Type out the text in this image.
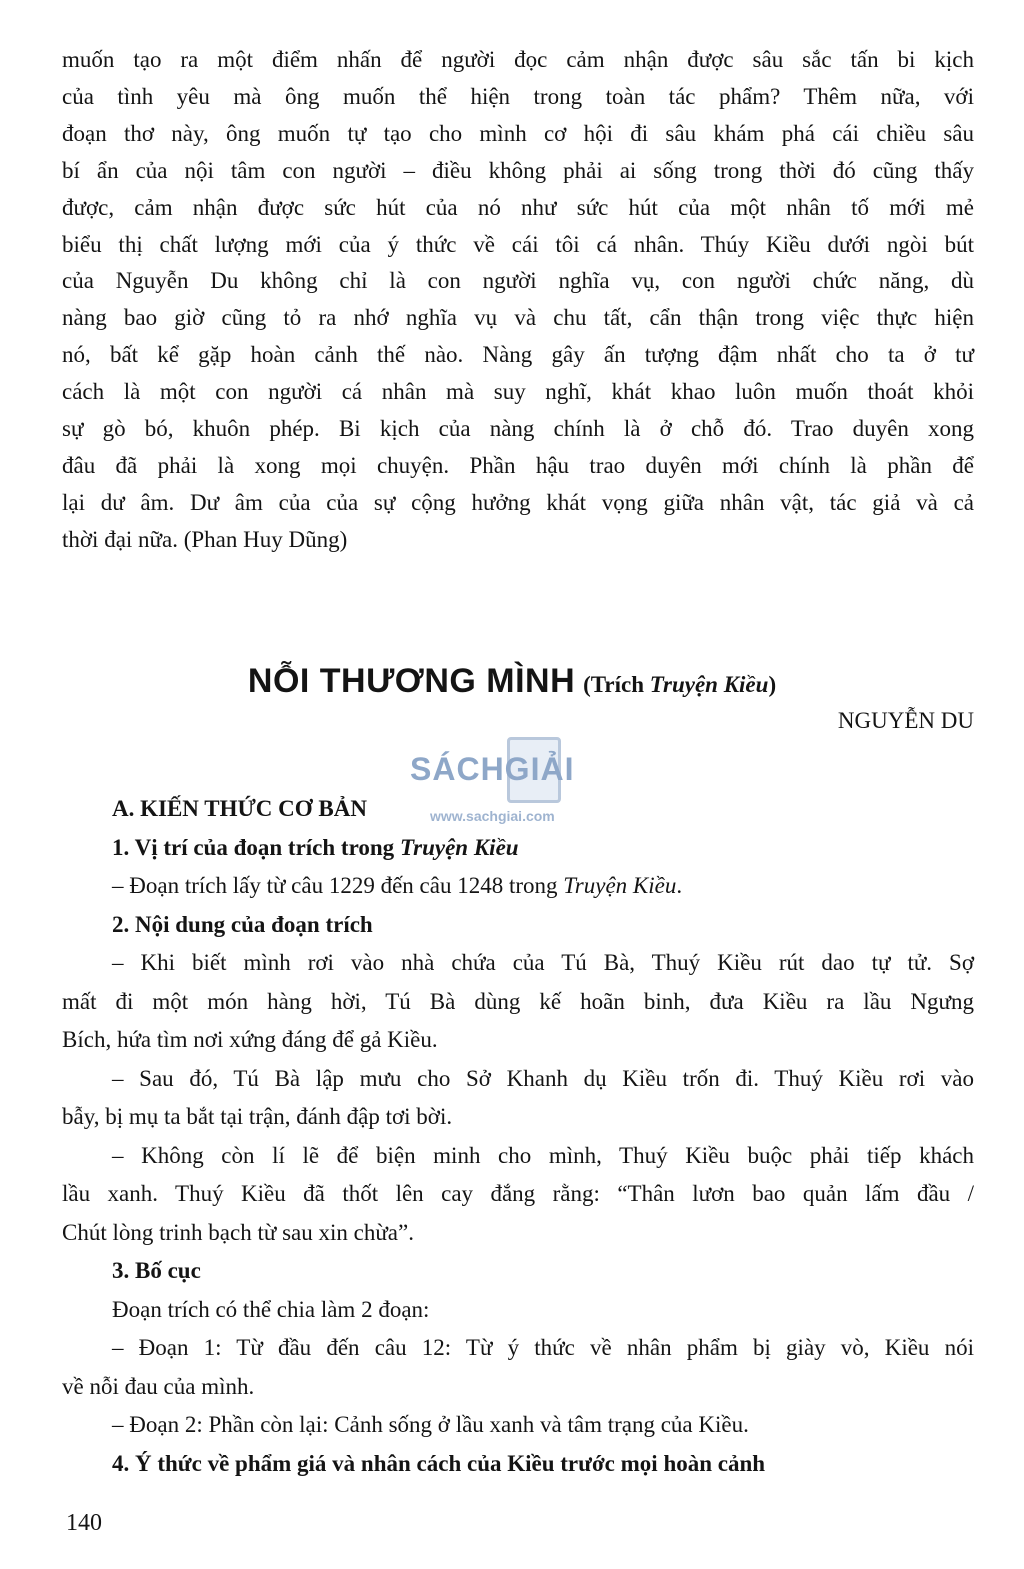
muốn tạo ra một điểm nhấn để người đọc cảm nhận được sâu sắc tấn bi kịch
của tình yêu mà ông muốn thể hiện trong toàn tác phẩm? Thêm nữa, với
đoạn thơ này, ông muốn tự tạo cho mình cơ hội đi sâu khám phá cái chiều sâu
bí ẩn của nội tâm con người – điều không phải ai sống trong thời đó cũng thấy
được, cảm nhận được sức hút của nó như sức hút của một nhân tố mới mẻ
biểu thị chất lượng mới của ý thức về cái tôi cá nhân. Thúy Kiều dưới ngòi bút
của Nguyễn Du không chỉ là con người nghĩa vụ, con người chức năng, dù
nàng bao giờ cũng tỏ ra nhớ nghĩa vụ và chu tất, cẩn thận trong việc thực hiện
nó, bất kể gặp hoàn cảnh thế nào. Nàng gây ấn tượng đậm nhất cho ta ở tư
cách là một con người cá nhân mà suy nghĩ, khát khao luôn muốn thoát khỏi
sự gò bó, khuôn phép. Bi kịch của nàng chính là ở chỗ đó. Trao duyên xong
đâu đã phải là xong mọi chuyện. Phần hậu trao duyên mới chính là phần để
lại dư âm. Dư âm của của sự cộng hưởng khát vọng giữa nhân vật, tác giả và cả
thời đại nữa. (Phan Huy Dũng)
NỖI THƯƠNG MÌNH (Trích Truyện Kiều)
NGUYỄN DU
SÁCHGIẢI
www.sachgiai.com

A. KIẾN THỨC CƠ BẢN

1. Vị trí của đoạn trích trong Truyện Kiều

– Đoạn trích lấy từ câu 1229 đến câu 1248 trong Truyện Kiều.

2. Nội dung của đoạn trích

– Khi biết mình rơi vào nhà chứa của Tú Bà, Thuý Kiều rút dao tự tử. Sợ
mất đi một món hàng hời, Tú Bà dùng kế hoãn binh, đưa Kiều ra lầu Ngưng
Bích, hứa tìm nơi xứng đáng để gả Kiều.

– Sau đó, Tú Bà lập mưu cho Sở Khanh dụ Kiều trốn đi. Thuý Kiều rơi vào
bẫy, bị mụ ta bắt tại trận, đánh đập tơi bời.

– Không còn lí lẽ để biện minh cho mình, Thuý Kiều buộc phải tiếp khách
lầu xanh. Thuý Kiều đã thốt lên cay đắng rằng: “Thân lươn bao quản lấm đầu /
Chút lòng trinh bạch từ sau xin chừa”.

3. Bố cục

Đoạn trích có thể chia làm 2 đoạn:

– Đoạn 1: Từ đầu đến câu 12: Từ ý thức về nhân phẩm bị giày vò, Kiều nói
về nỗi đau của mình.

– Đoạn 2: Phần còn lại: Cảnh sống ở lầu xanh và tâm trạng của Kiều.

4. Ý thức về phẩm giá và nhân cách của Kiều trước mọi hoàn cảnh

140
